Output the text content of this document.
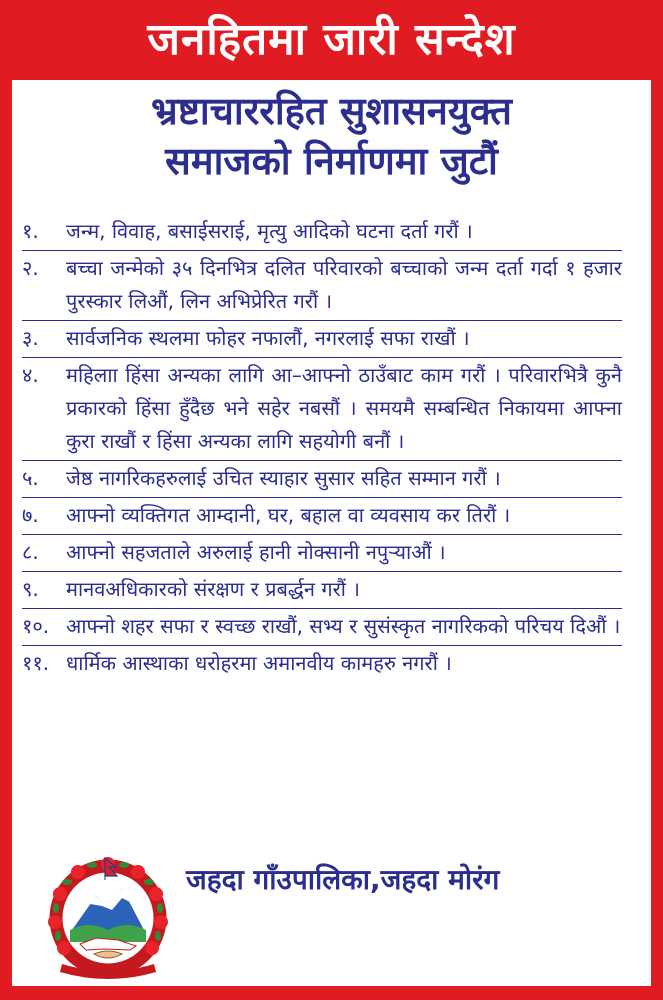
जनहितमा जारी सन्देश
भ्रष्टाचाररहित सुशासनयुक्त
समाजको निर्माणमा जुटौं
१.	जन्म, विवाह, बसाईसराई, मृत्यु आदिको घटना दर्ता गरौं ।
२.	बच्चा जन्मेको ३५ दिनभित्र दलित परिवारको बच्चाको जन्म दर्ता गर्दा १ हजार पुरस्कार लिऔं, लिन अभिप्रेरित गरौं ।
३.	सार्वजनिक स्थलमा फोहर नफालौं, नगरलाई सफा राखौं ।
४.	महिलाा हिंसा अन्यका लागि आ–आफ्नो ठाउँबाट काम गरौं । परिवारभित्रै कुनै प्रकारको हिंसा हुँदैछ भने सहेर नबसौं । समयमै सम्बन्धित निकायमा आफ्ना कुरा राखौं र हिंसा अन्यका लागि सहयोगी बनौं ।
५.	जेष्ठ नागरिकहरुलाई उचित स्याहार सुसार सहित सम्मान गरौं ।
७.	आफ्नो व्यक्तिगत आम्दानी, घर, बहाल वा व्यवसाय कर तिरौं ।
८.	आफ्नो सहजताले अरुलाई हानी नोक्सानी नपुर्‍याऔं ।
९.	मानवअधिकारको संरक्षण र प्रबर्द्धन गरौं ।
१०. आफ्नो शहर सफा र स्वच्छ राखौं, सभ्य र सुसंस्कृत नागरिकको परिचय दिऔं ।
११. धार्मिक आस्थाका धरोहरमा अमानवीय कामहरु नगरौं ।
जहदा गाँउपालिका,जहदा मोरंग
